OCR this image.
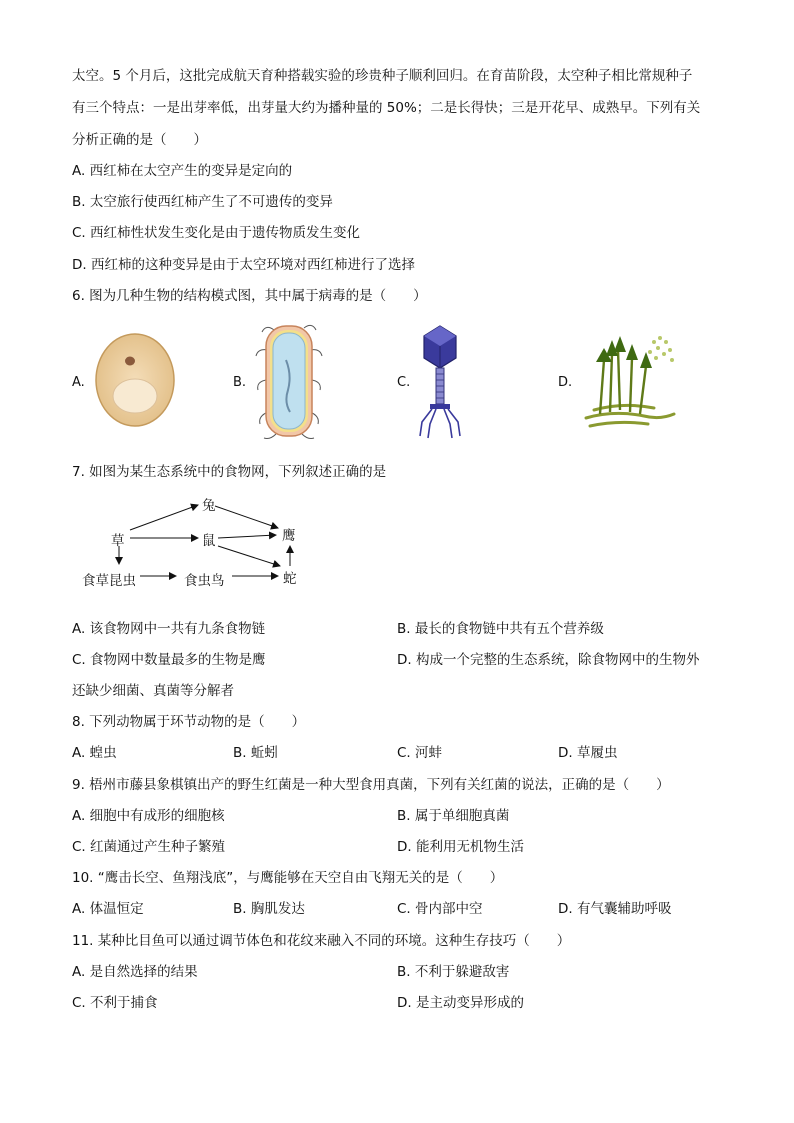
太空。5 个月后，这批完成航天育种搭载实验的珍贵种子顺利回归。在育苗阶段，太空种子相比常规种子
有三个特点：一是出芽率低，出芽量大约为播种量的 50%；二是长得快；三是开花早、成熟早。下列有关
分析正确的是（　　）
A. 西红柿在太空产生的变异是定向的
B. 太空旅行使西红柿产生了不可遗传的变异
C. 西红柿性状发生变化是由于遗传物质发生变化
D. 西红柿的这种变异是由于太空环境对西红柿进行了选择
6. 图为几种生物的结构模式图，其中属于病毒的是（　　）
A.	B.	C.	D.
7. 如图为某生态系统中的食物网，下列叙述正确的是
兔
草	鼠	鹰
食草昆虫	食虫鸟	蛇
A. 该食物网中一共有九条食物链	B. 最长的食物链中共有五个营养级
C. 食物网中数量最多的生物是鹰	D. 构成一个完整的生态系统，除食物网中的生物外
还缺少细菌、真菌等分解者
8. 下列动物属于环节动物的是（　　）
A. 蝗虫	B. 蚯蚓	C. 河蚌	D. 草履虫
9. 梧州市藤县象棋镇出产的野生红菌是一种大型食用真菌，下列有关红菌的说法，正确的是（　　）
A. 细胞中有成形的细胞核	B. 属于单细胞真菌
C. 红菌通过产生种子繁殖	D. 能利用无机物生活
10. “鹰击长空、鱼翔浅底”，与鹰能够在天空自由飞翔无关的是（　　）
A. 体温恒定	B. 胸肌发达	C. 骨内部中空	D. 有气囊辅助呼吸
11. 某种比目鱼可以通过调节体色和花纹来融入不同的环境。这种生存技巧（　　）
A. 是自然选择的结果	B. 不利于躲避敌害
C. 不利于捕食	D. 是主动变异形成的
